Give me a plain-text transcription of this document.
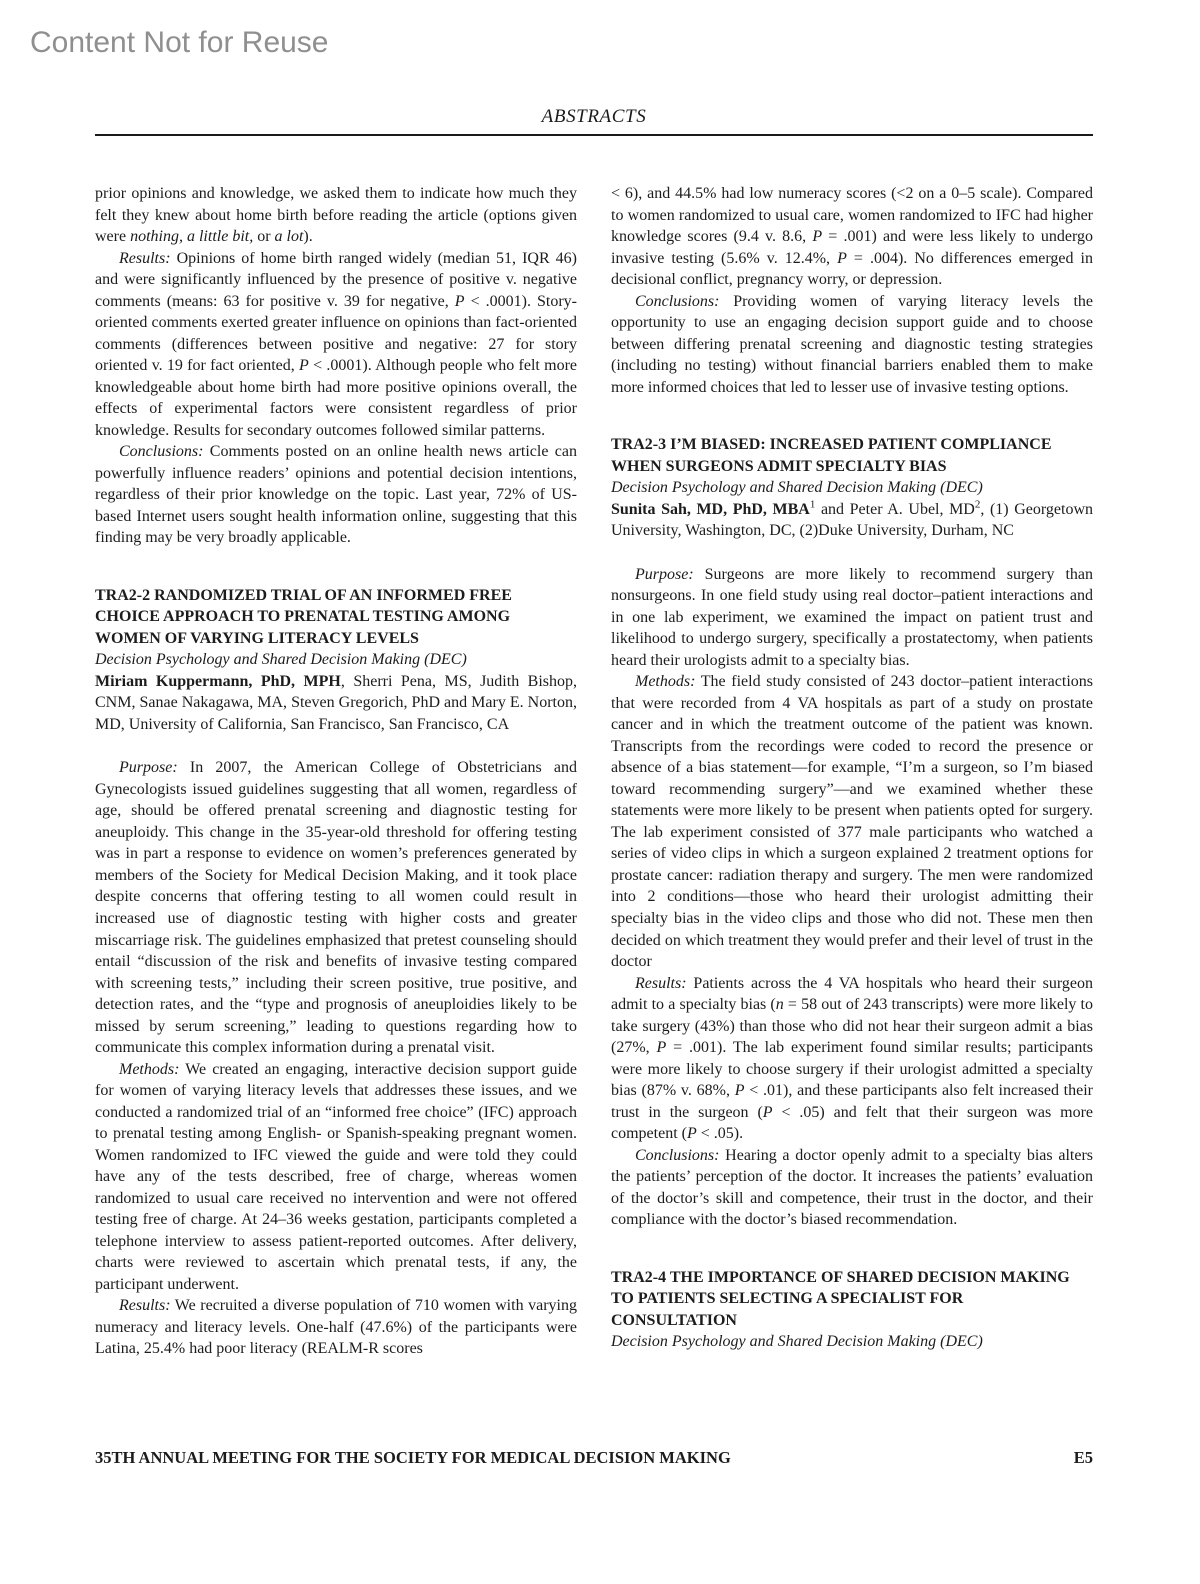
Content Not for Reuse
ABSTRACTS
prior opinions and knowledge, we asked them to indicate how much they felt they knew about home birth before reading the article (options given were nothing, a little bit, or a lot).
Results: Opinions of home birth ranged widely (median 51, IQR 46) and were significantly influenced by the presence of positive v. negative comments (means: 63 for positive v. 39 for negative, P < .0001). Story-oriented comments exerted greater influence on opinions than fact-oriented comments (differences between positive and negative: 27 for story oriented v. 19 for fact oriented, P < .0001). Although people who felt more knowledgeable about home birth had more positive opinions overall, the effects of experimental factors were consistent regardless of prior knowledge. Results for secondary outcomes followed similar patterns.
Conclusions: Comments posted on an online health news article can powerfully influence readers’ opinions and potential decision intentions, regardless of their prior knowledge on the topic. Last year, 72% of US-based Internet users sought health information online, suggesting that this finding may be very broadly applicable.
TRA2-2 RANDOMIZED TRIAL OF AN INFORMED FREE CHOICE APPROACH TO PRENATAL TESTING AMONG WOMEN OF VARYING LITERACY LEVELS
Decision Psychology and Shared Decision Making (DEC)
Miriam Kuppermann, PhD, MPH, Sherri Pena, MS, Judith Bishop, CNM, Sanae Nakagawa, MA, Steven Gregorich, PhD and Mary E. Norton, MD, University of California, San Francisco, San Francisco, CA
Purpose: In 2007, the American College of Obstetricians and Gynecologists issued guidelines suggesting that all women, regardless of age, should be offered prenatal screening and diagnostic testing for aneuploidy. This change in the 35-year-old threshold for offering testing was in part a response to evidence on women’s preferences generated by members of the Society for Medical Decision Making, and it took place despite concerns that offering testing to all women could result in increased use of diagnostic testing with higher costs and greater miscarriage risk. The guidelines emphasized that pretest counseling should entail “discussion of the risk and benefits of invasive testing compared with screening tests,” including their screen positive, true positive, and detection rates, and the “type and prognosis of aneuploidies likely to be missed by serum screening,” leading to questions regarding how to communicate this complex information during a prenatal visit.
Methods: We created an engaging, interactive decision support guide for women of varying literacy levels that addresses these issues, and we conducted a randomized trial of an “informed free choice” (IFC) approach to prenatal testing among English- or Spanish-speaking pregnant women. Women randomized to IFC viewed the guide and were told they could have any of the tests described, free of charge, whereas women randomized to usual care received no intervention and were not offered testing free of charge. At 24–36 weeks gestation, participants completed a telephone interview to assess patient-reported outcomes. After delivery, charts were reviewed to ascertain which prenatal tests, if any, the participant underwent.
Results: We recruited a diverse population of 710 women with varying numeracy and literacy levels. One-half (47.6%) of the participants were Latina, 25.4% had poor literacy (REALM-R scores
< 6), and 44.5% had low numeracy scores (<2 on a 0–5 scale). Compared to women randomized to usual care, women randomized to IFC had higher knowledge scores (9.4 v. 8.6, P = .001) and were less likely to undergo invasive testing (5.6% v. 12.4%, P = .004). No differences emerged in decisional conflict, pregnancy worry, or depression.
Conclusions: Providing women of varying literacy levels the opportunity to use an engaging decision support guide and to choose between differing prenatal screening and diagnostic testing strategies (including no testing) without financial barriers enabled them to make more informed choices that led to lesser use of invasive testing options.
TRA2-3 I’M BIASED: INCREASED PATIENT COMPLIANCE WHEN SURGEONS ADMIT SPECIALTY BIAS
Decision Psychology and Shared Decision Making (DEC)
Sunita Sah, MD, PhD, MBA$^1$ and Peter A. Ubel, $MD^2$, (1) Georgetown University, Washington, DC, (2)Duke University, Durham, NC
Purpose: Surgeons are more likely to recommend surgery than nonsurgeons. In one field study using real doctor–patient interactions and in one lab experiment, we examined the impact on patient trust and likelihood to undergo surgery, specifically a prostatectomy, when patients heard their urologists admit to a specialty bias.
Methods: The field study consisted of 243 doctor–patient interactions that were recorded from 4 VA hospitals as part of a study on prostate cancer and in which the treatment outcome of the patient was known. Transcripts from the recordings were coded to record the presence or absence of a bias statement—for example, “I’m a surgeon, so I’m biased toward recommending surgery”—and we examined whether these statements were more likely to be present when patients opted for surgery. The lab experiment consisted of 377 male participants who watched a series of video clips in which a surgeon explained 2 treatment options for prostate cancer: radiation therapy and surgery. The men were randomized into 2 conditions—those who heard their urologist admitting their specialty bias in the video clips and those who did not. These men then decided on which treatment they would prefer and their level of trust in the doctor
Results: Patients across the 4 VA hospitals who heard their surgeon admit to a specialty bias (n = 58 out of 243 transcripts) were more likely to take surgery (43%) than those who did not hear their surgeon admit a bias (27%, P = .001). The lab experiment found similar results; participants were more likely to choose surgery if their urologist admitted a specialty bias (87% v. 68%, P < .01), and these participants also felt increased their trust in the surgeon (P < .05) and felt that their surgeon was more competent (P < .05).
Conclusions: Hearing a doctor openly admit to a specialty bias alters the patients’ perception of the doctor. It increases the patients’ evaluation of the doctor’s skill and competence, their trust in the doctor, and their compliance with the doctor’s biased recommendation.
TRA2-4 THE IMPORTANCE OF SHARED DECISION MAKING TO PATIENTS SELECTING A SPECIALIST FOR CONSULTATION
Decision Psychology and Shared Decision Making (DEC)
35TH ANNUAL MEETING FOR THE SOCIETY FOR MEDICAL DECISION MAKING	E5
